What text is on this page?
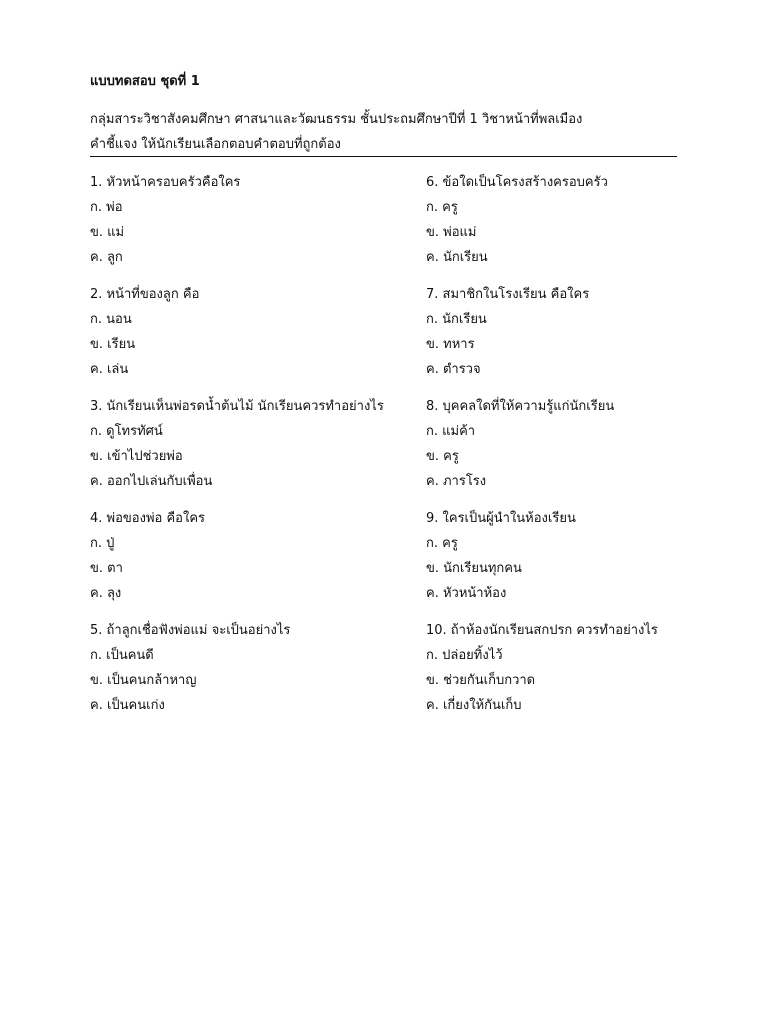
แบบทดสอบ ชุดที่ 1
กลุ่มสาระวิชาสังคมศึกษา ศาสนาและวัฒนธรรม ชั้นประถมศึกษาปีที่ 1 วิชาหน้าที่พลเมือง
คำชี้แจง ให้นักเรียนเลือกตอบคำตอบที่ถูกต้อง
1. หัวหน้าครอบครัวคือใคร
ก. พ่อ
ข. แม่
ค. ลูก
2. หน้าที่ของลูก คือ
ก. นอน
ข. เรียน
ค. เล่น
3. นักเรียนเห็นพ่อรดน้ำต้นไม้ นักเรียนควรทำอย่างไร
ก. ดูโทรทัศน์
ข. เข้าไปช่วยพ่อ
ค. ออกไปเล่นกับเพื่อน
4. พ่อของพ่อ คือใคร
ก. ปู่
ข. ตา
ค. ลุง
5. ถ้าลูกเชื่อฟังพ่อแม่ จะเป็นอย่างไร
ก. เป็นคนดี
ข. เป็นคนกล้าหาญ
ค. เป็นคนเก่ง
6. ข้อใดเป็นโครงสร้างครอบครัว
ก. ครู
ข. พ่อแม่
ค. นักเรียน
7. สมาชิกในโรงเรียน คือใคร
ก. นักเรียน
ข. ทหาร
ค. ตำรวจ
8. บุคคลใดที่ให้ความรู้แก่นักเรียน
ก. แม่ค้า
ข. ครู
ค. ภารโรง
9. ใครเป็นผู้นำในห้องเรียน
ก. ครู
ข. นักเรียนทุกคน
ค. หัวหน้าห้อง
10. ถ้าห้องนักเรียนสกปรก ควรทำอย่างไร
ก. ปล่อยทิ้งไว้
ข. ช่วยกันเก็บกวาด
ค. เกี่ยงให้กันเก็บ
